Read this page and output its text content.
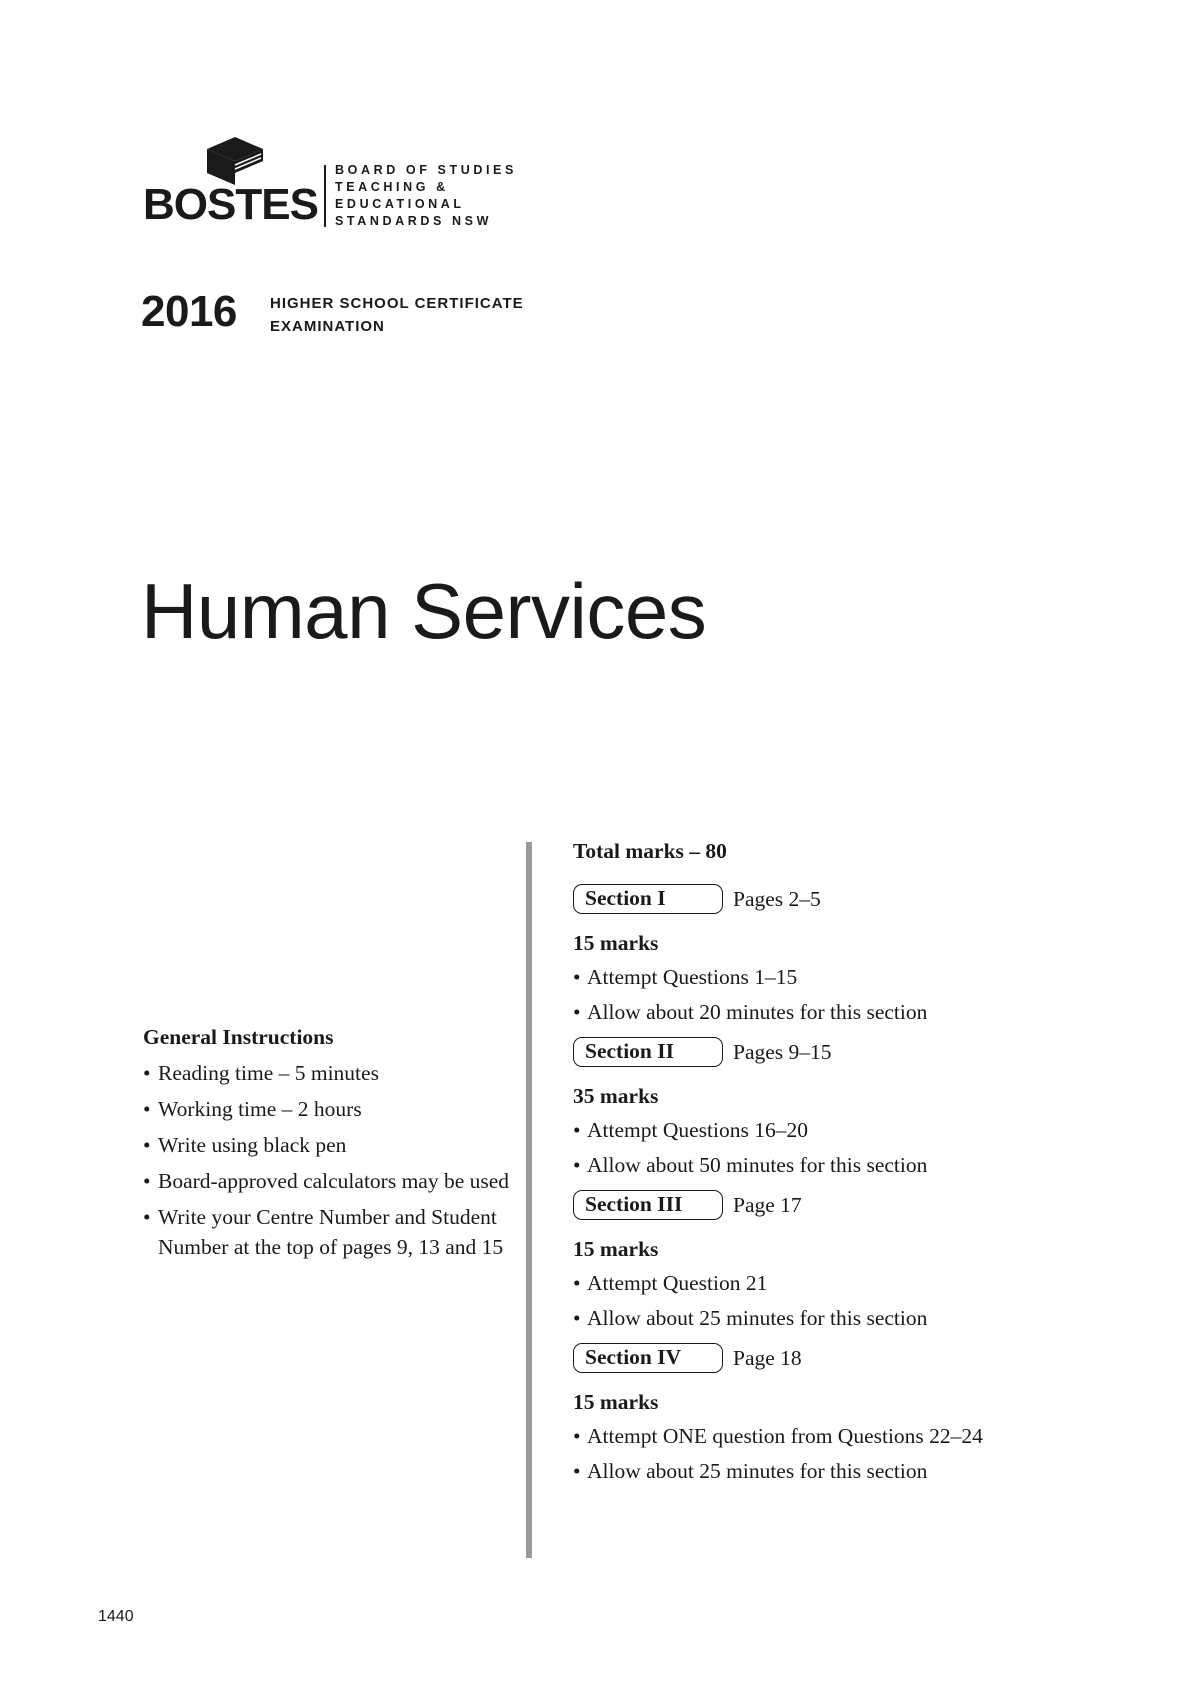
BOSTES
BOARD OF STUDIES
TEACHING &
EDUCATIONAL
STANDARDS NSW
2016 HIGHER SCHOOL CERTIFICATE
EXAMINATION
Human Services
General Instructions
• Reading time – 5 minutes
• Working time – 2 hours
• Write using black pen
• Board-approved calculators may be used
• Write your Centre Number and Student Number at the top of pages 9, 13 and 15
Total marks – 80
Section I	Pages 2–5
15 marks
• Attempt Questions 1–15
• Allow about 20 minutes for this section
Section II	Pages 9–15
35 marks
• Attempt Questions 16–20
• Allow about 50 minutes for this section
Section III	Page 17
15 marks
• Attempt Question 21
• Allow about 25 minutes for this section
Section IV	Page 18
15 marks
• Attempt ONE question from Questions 22–24
• Allow about 25 minutes for this section
1440
